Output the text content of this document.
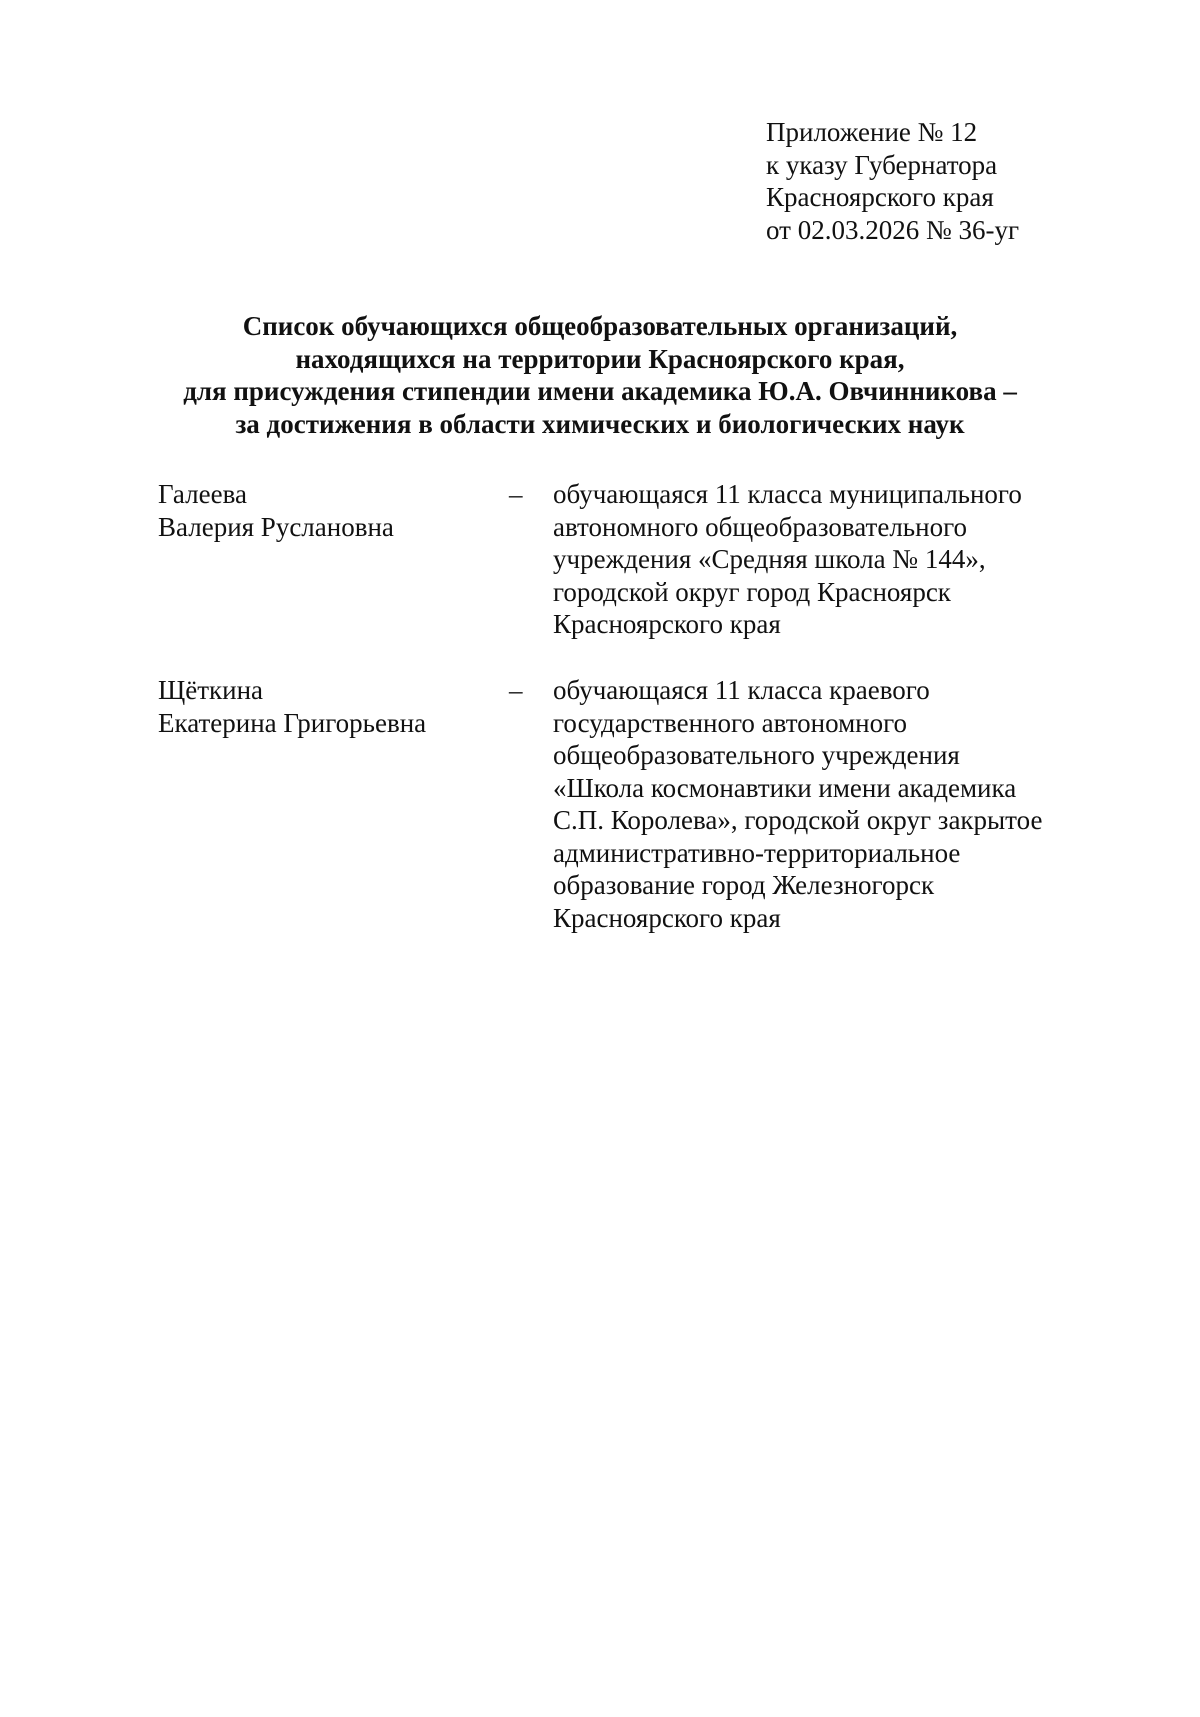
Приложение № 12
к указу Губернатора
Красноярского края
от 02.03.2026 № 36-уг
Список обучающихся общеобразовательных организаций,
находящихся на территории Красноярского края,
для присуждения стипендии имени академика Ю.А. Овчинникова –
за достижения в области химических и биологических наук
Галеева
Валерия Руслановна
– обучающаяся 11 класса муниципального
автономного общеобразовательного
учреждения «Средняя школа № 144»,
городской округ город Красноярск
Красноярского края
Щёткина
Екатерина Григорьевна
– обучающаяся 11 класса краевого
государственного автономного
общеобразовательного учреждения
«Школа космонавтики имени академика
С.П. Королева», городской округ закрытое
административно-территориальное
образование город Железногорск
Красноярского края
